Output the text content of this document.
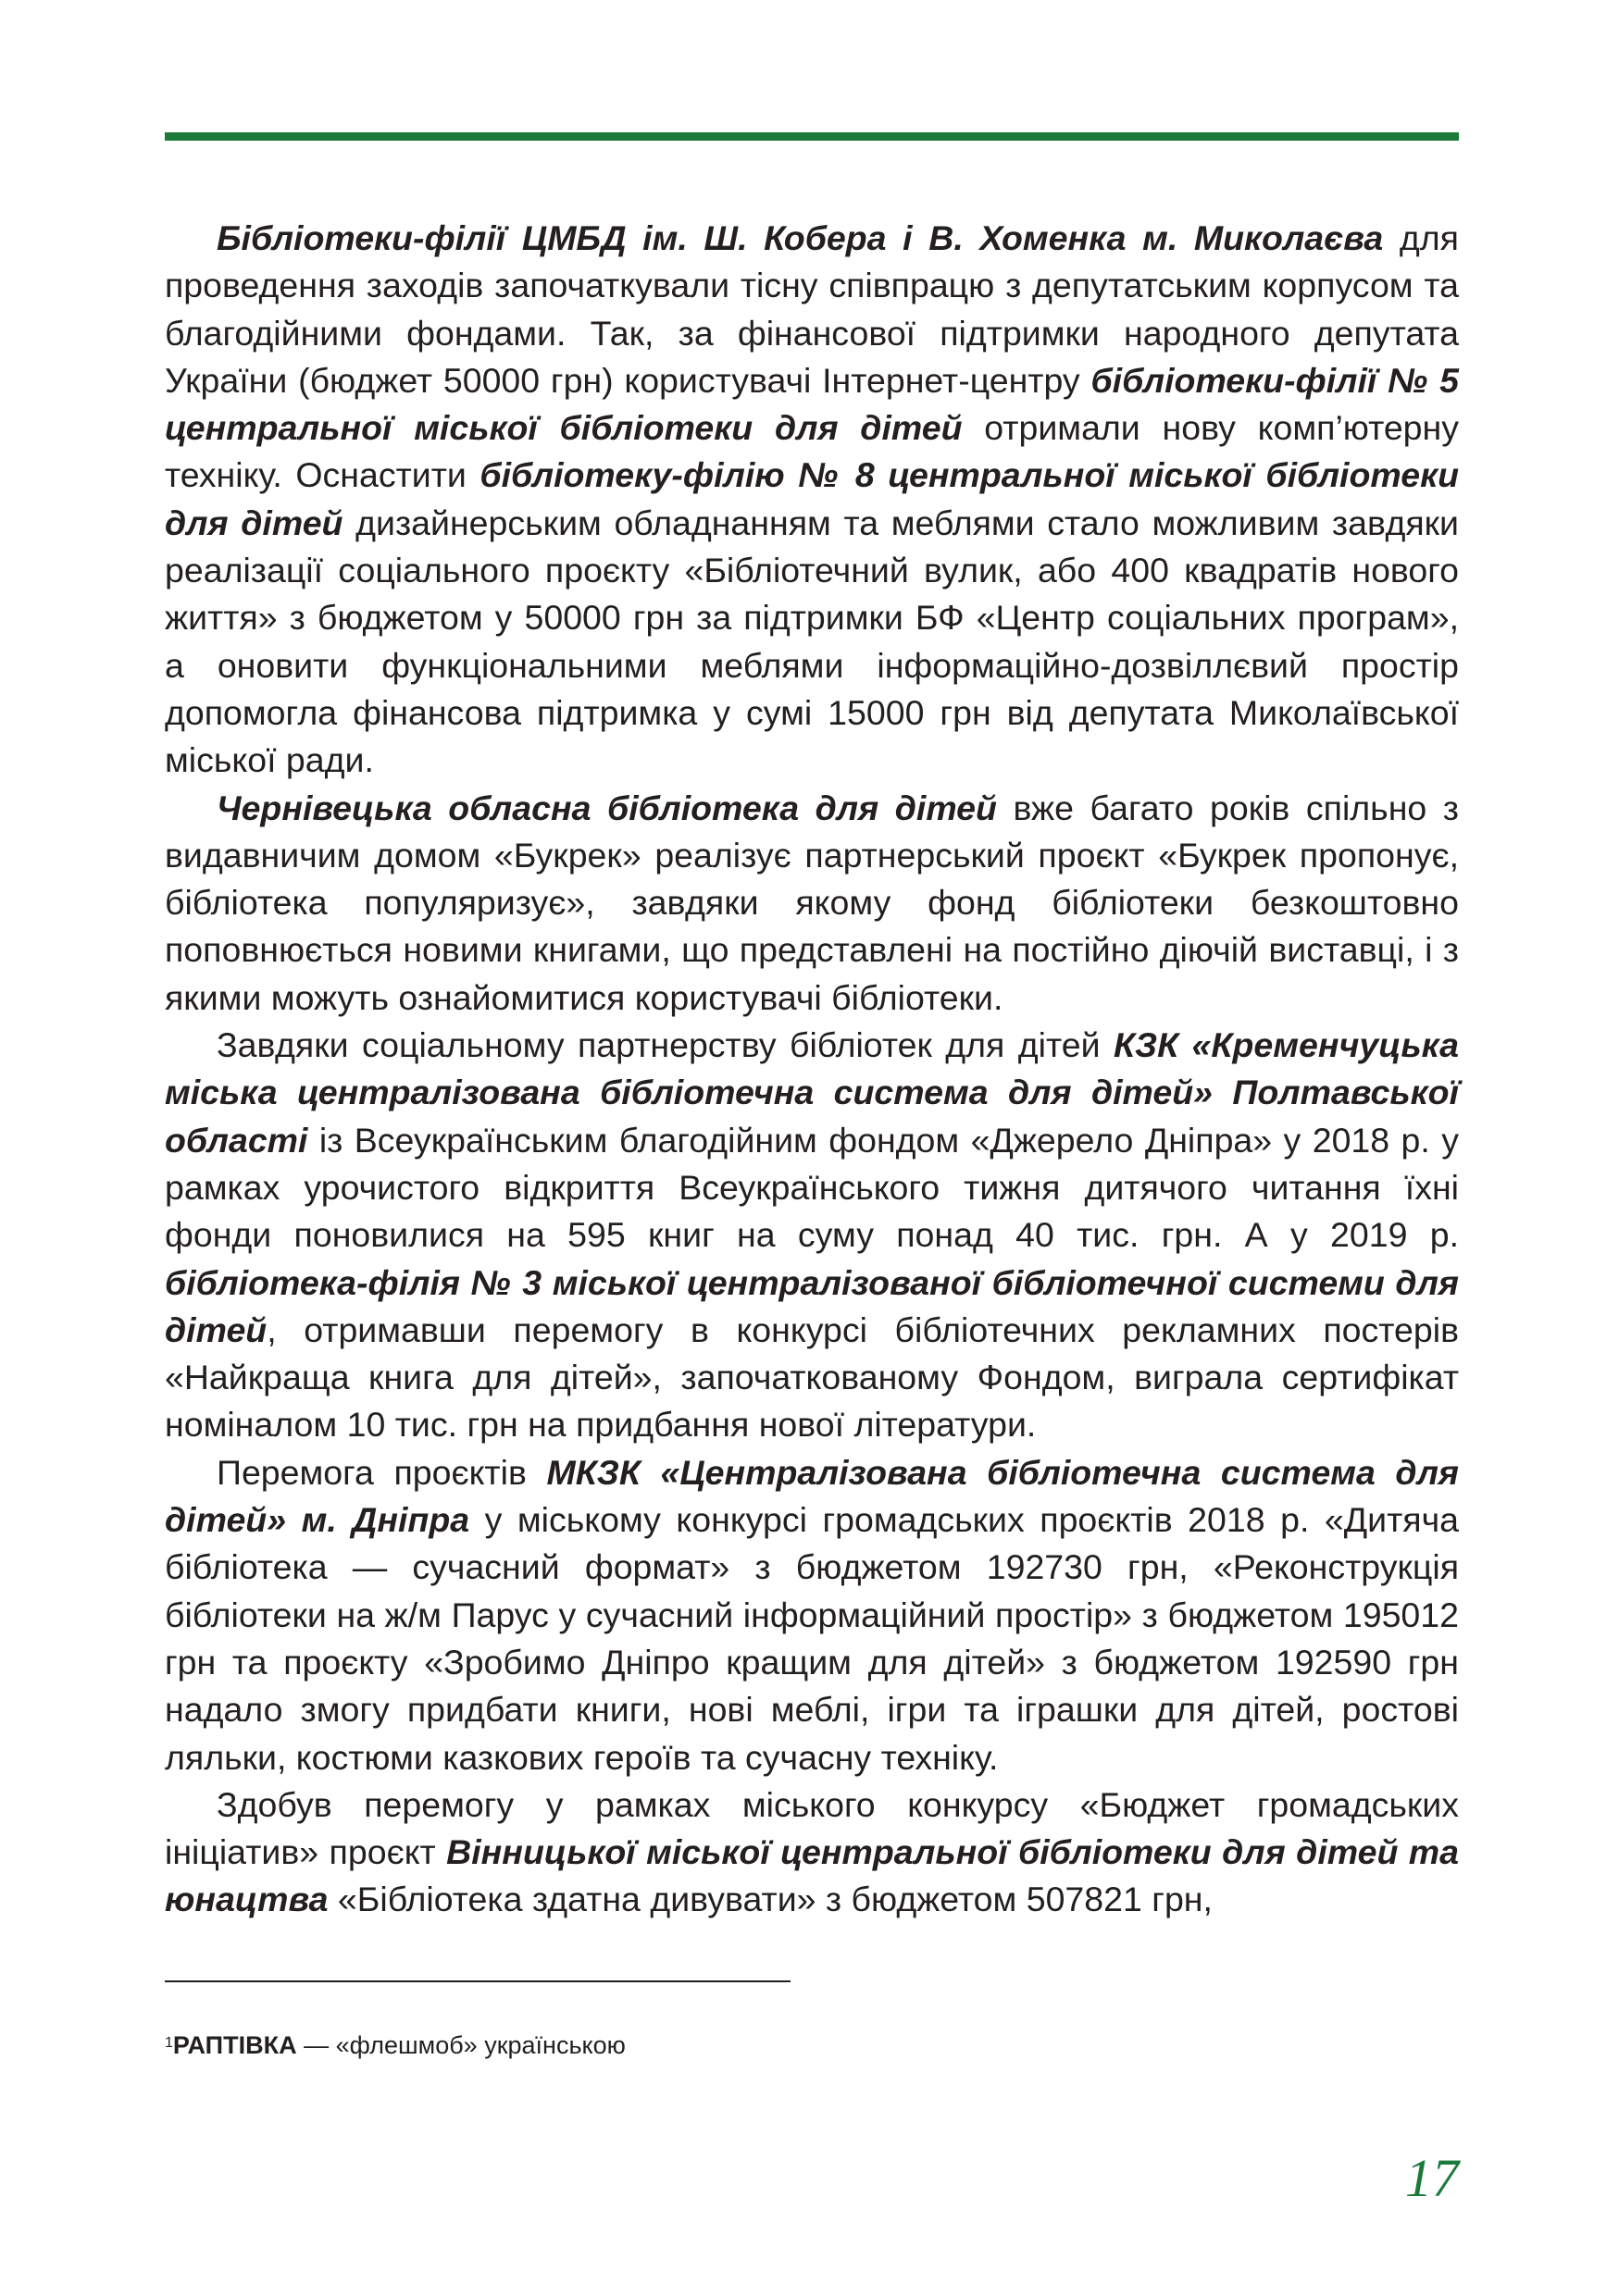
Бібліотеки-філії ЦМБД ім. Ш. Кобера і В. Хоменка м. Миколаєва для проведення заходів започаткували тісну співпрацю з депутатським корпусом та благодійними фондами. Так, за фінансової підтримки народного депутата України (бюджет 50000 грн) користувачі Інтернет-центру бібліотеки-філії № 5 центральної міської бібліотеки для дітей отримали нову комп’ютерну техніку. Оснастити бібліотеку-філію № 8 центральної міської бібліотеки для дітей дизайнерським обладнанням та меблями стало можливим завдяки реалізації соціального проєкту «Бібліотечний вулик, або 400 квадратів нового життя» з бюджетом у 50000 грн за підтримки БФ «Центр соціальних програм», а оновити функціональними меблями інформаційно-дозвіллєвий простір допомогла фінансова підтримка у сумі 15000 грн від депутата Миколаївської міської ради.

Чернівецька обласна бібліотека для дітей вже багато років спільно з видавничим домом «Букрек» реалізує партнерський проєкт «Букрек пропонує, бібліотека популяризує», завдяки якому фонд бібліотеки безкоштовно поповнюється новими книгами, що представлені на постійно діючій виставці, і з якими можуть ознайомитися користувачі бібліотеки.

Завдяки соціальному партнерству бібліотек для дітей КЗК «Кременчуцька міська централізована бібліотечна система для дітей» Полтавської області із Всеукраїнським благодійним фондом «Джерело Дніпра» у 2018 р. у рамках урочистого відкриття Всеукраїнського тижня дитячого читання їхні фонди поновилися на 595 книг на суму понад 40 тис. грн. А у 2019 р. бібліотека-філія № 3 міської централізованої бібліотечної системи для дітей, отримавши перемогу в конкурсі бібліотечних рекламних постерів «Найкраща книга для дітей», започаткованому Фондом, виграла сертифікат номіналом 10 тис. грн на придбання нової літератури.

Перемога проєктів МКЗК «Централізована бібліотечна система для дітей» м. Дніпра у міському конкурсі громадських проєктів 2018 р. «Дитяча бібліотека — сучасний формат» з бюджетом 192730 грн, «Реконструкція бібліотеки на ж/м Парус у сучасний інформаційний простір» з бюджетом 195012 грн та проєкту «Зробимо Дніпро кращим для дітей» з бюджетом 192590 грн надало змогу придбати книги, нові меблі, ігри та іграшки для дітей, ростові ляльки, костюми казкових героїв та сучасну техніку.

Здобув перемогу у рамках міського конкурсу «Бюджет громадських ініціатив» проєкт Вінницької міської центральної бібліотеки для дітей та юнацтва «Бібліотека здатна дивувати» з бюджетом 507821 грн,

$^1$РАПТІВКА — «флешмоб» українською
17
